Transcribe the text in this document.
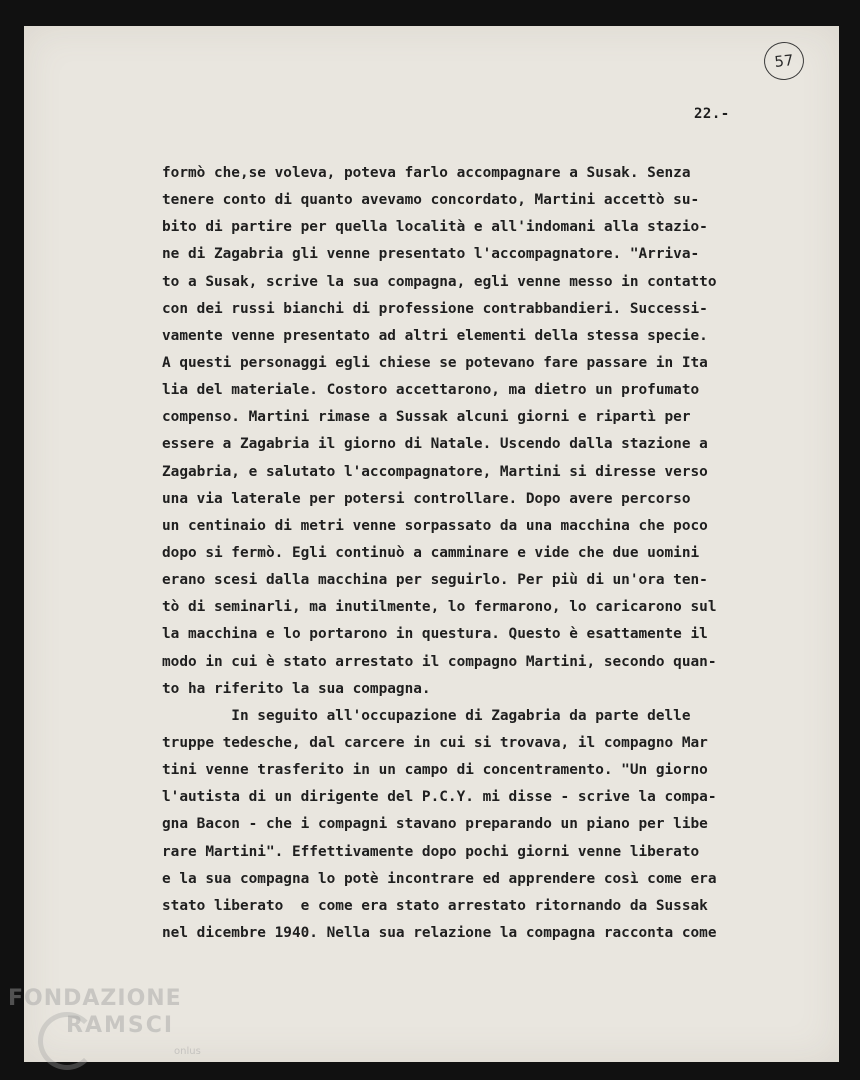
57
22.-
formò che,se voleva, poteva farlo accompagnare a Susak. Senza
tenere conto di quanto avevamo concordato, Martini accettò su-
bito di partire per quella località e all'indomani alla stazio-
ne di Zagabria gli venne presentato l'accompagnatore. "Arriva-
to a Susak, scrive la sua compagna, egli venne messo in contatto
con dei russi bianchi di professione contrabbandieri. Successi-
vamente venne presentato ad altri elementi della stessa specie.
A questi personaggi egli chiese se potevano fare passare in Ita
lia del materiale. Costoro accettarono, ma dietro un profumato
compenso. Martini rimase a Sussak alcuni giorni e ripartì per
essere a Zagabria il giorno di Natale. Uscendo dalla stazione a
Zagabria, e salutato l'accompagnatore, Martini si diresse verso
una via laterale per potersi controllare. Dopo avere percorso
un centinaio di metri venne sorpassato da una macchina che poco
dopo si fermò. Egli continuò a camminare e vide che due uomini
erano scesi dalla macchina per seguirlo. Per più di un'ora ten-
tò di seminarli, ma inutilmente, lo fermarono, lo caricarono sul
la macchina e lo portarono in questura. Questo è esattamente il
modo in cui è stato arrestato il compagno Martini, secondo quan-
to ha riferito la sua compagna.
In seguito all'occupazione di Zagabria da parte delle
truppe tedesche, dal carcere in cui si trovava, il compagno Mar
tini venne trasferito in un campo di concentramento. "Un giorno
l'autista di un dirigente del P.C.Y. mi disse - scrive la compa-
gna Bacon - che i compagni stavano preparando un piano per libe
rare Martini". Effettivamente dopo pochi giorni venne liberato
e la sua compagna lo potè incontrare ed apprendere così come era
stato liberato  e come era stato arrestato ritornando da Sussak
nel dicembre 1940. Nella sua relazione la compagna racconta come
FONDAZIONE
RAMSCI
onlus
